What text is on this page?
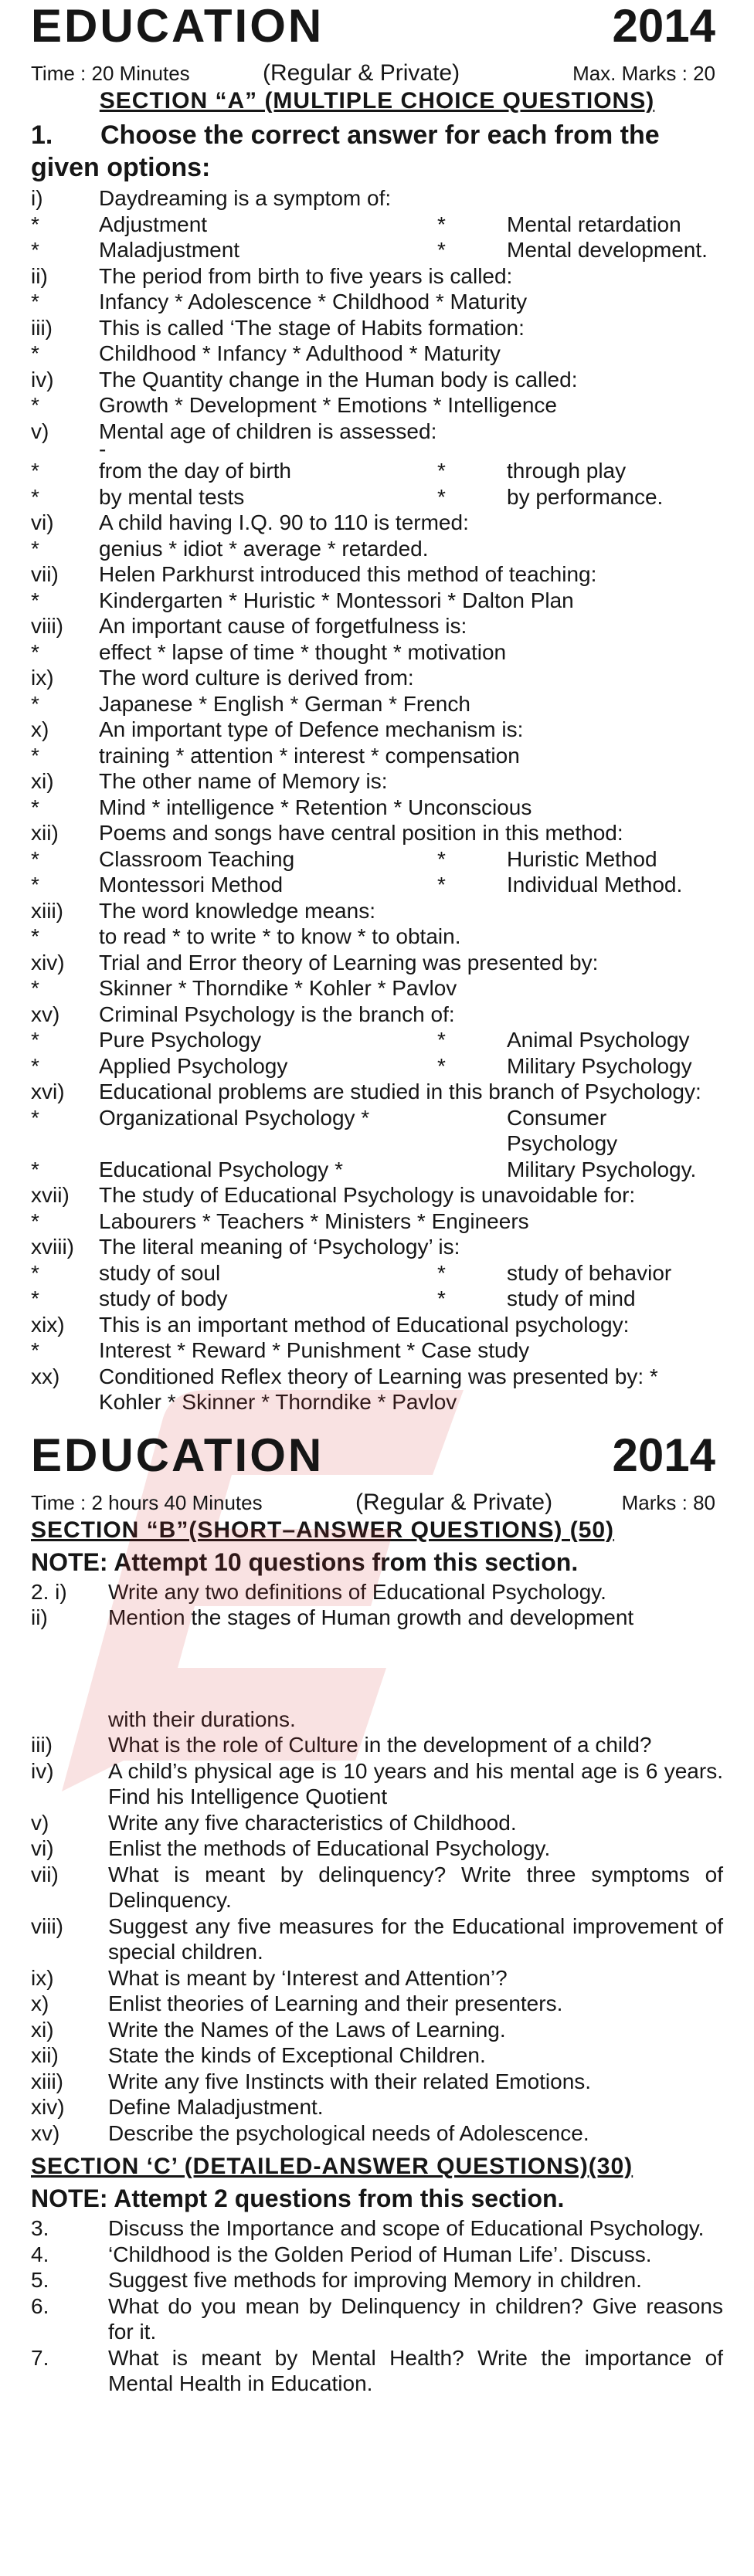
EDUCATION	2014
Time : 20 Minutes	(Regular & Private)	Max. Marks : 20
SECTION “A” (MULTIPLE CHOICE QUESTIONS)
1. Choose the correct answer for each from the given options:
i)	Daydreaming is a symptom of:
*	Adjustment	*	Mental retardation
*	Maladjustment	*	Mental development.
ii)	The period from birth to five years is called:
*	Infancy * Adolescence * Childhood * Maturity
iii)	This is called ‘The stage of Habits formation:
*	Childhood * Infancy * Adulthood * Maturity
iv)	The Quantity change in the Human body is called:
*	Growth * Development * Emotions * Intelligence
v)	Mental age of children is assessed:
-
*	from the day of birth	*	through play
*	by mental tests	*	by performance.
vi)	A child having I.Q. 90 to 110 is termed:
*	genius * idiot * average * retarded.
vii)	Helen Parkhurst introduced this method of teaching:
*	Kindergarten * Huristic * Montessori * Dalton Plan
viii)	An important cause of forgetfulness is:
*	effect * lapse of time * thought * motivation
ix)	The word culture is derived from:
*	Japanese * English * German * French
x)	An important type of Defence mechanism is:
*	training * attention * interest * compensation
xi)	The other name of Memory is:
*	Mind * intelligence * Retention * Unconscious
xii)	Poems and songs have central position in this method:
*	Classroom Teaching	*	Huristic Method
*	Montessori Method	*	Individual Method.
xiii)	The word knowledge means:
*	to read * to write * to know * to obtain.
xiv)	Trial and Error theory of Learning was presented by:
*	Skinner * Thorndike * Kohler * Pavlov
xv)	Criminal Psychology is the branch of:
*	Pure Psychology	*	Animal Psychology
*	Applied Psychology	*	Military Psychology
xvi)	Educational problems are studied in this branch of Psychology:
*	Organizational Psychology *	Consumer Psychology
*	Educational Psychology *	Military Psychology.
xvii)	The study of Educational Psychology is unavoidable for:
*	Labourers * Teachers * Ministers * Engineers
xviii)	The literal meaning of ‘Psychology’ is:
*	study of soul	*	study of behavior
*	study of body	*	study of mind
xix)	This is an important method of Educational psychology:
*	Interest * Reward * Punishment * Case study
xx)	Conditioned Reflex theory of Learning was presented by: * Kohler * Skinner * Thorndike * Pavlov
EDUCATION	2014
Time : 2 hours 40 Minutes	(Regular & Private)	Marks : 80
SECTION “B”(SHORT–ANSWER QUESTIONS) (50)
NOTE: Attempt 10 questions from this section.
2. i)	Write any two definitions of Educational Psychology.
ii)	Mention the stages of Human growth and development
with their durations.
iii)	What is the role of Culture in the development of a child?
iv)	A child’s physical age is 10 years and his mental age is 6 years. Find his Intelligence Quotient
v)	Write any five characteristics of Childhood.
vi)	Enlist the methods of Educational Psychology.
vii)	What is meant by delinquency? Write three symptoms of Delinquency.
viii)	Suggest any five measures for the Educational improvement of special children.
ix)	What is meant by ‘Interest and Attention’?
x)	Enlist theories of Learning and their presenters.
xi)	Write the Names of the Laws of Learning.
xii)	State the kinds of Exceptional Children.
xiii)	Write any five Instincts with their related Emotions.
xiv)	Define Maladjustment.
xv)	Describe the psychological needs of Adolescence.
SECTION ‘C’ (DETAILED-ANSWER QUESTIONS)(30)
NOTE: Attempt 2 questions from this section.
3.	Discuss the Importance and scope of Educational Psychology.
4.	‘Childhood is the Golden Period of Human Life’. Discuss.
5.	Suggest five methods for improving Memory in children.
6.	What do you mean by Delinquency in children? Give reasons for it.
7.	What is meant by Mental Health? Write the importance of Mental Health in Education.
